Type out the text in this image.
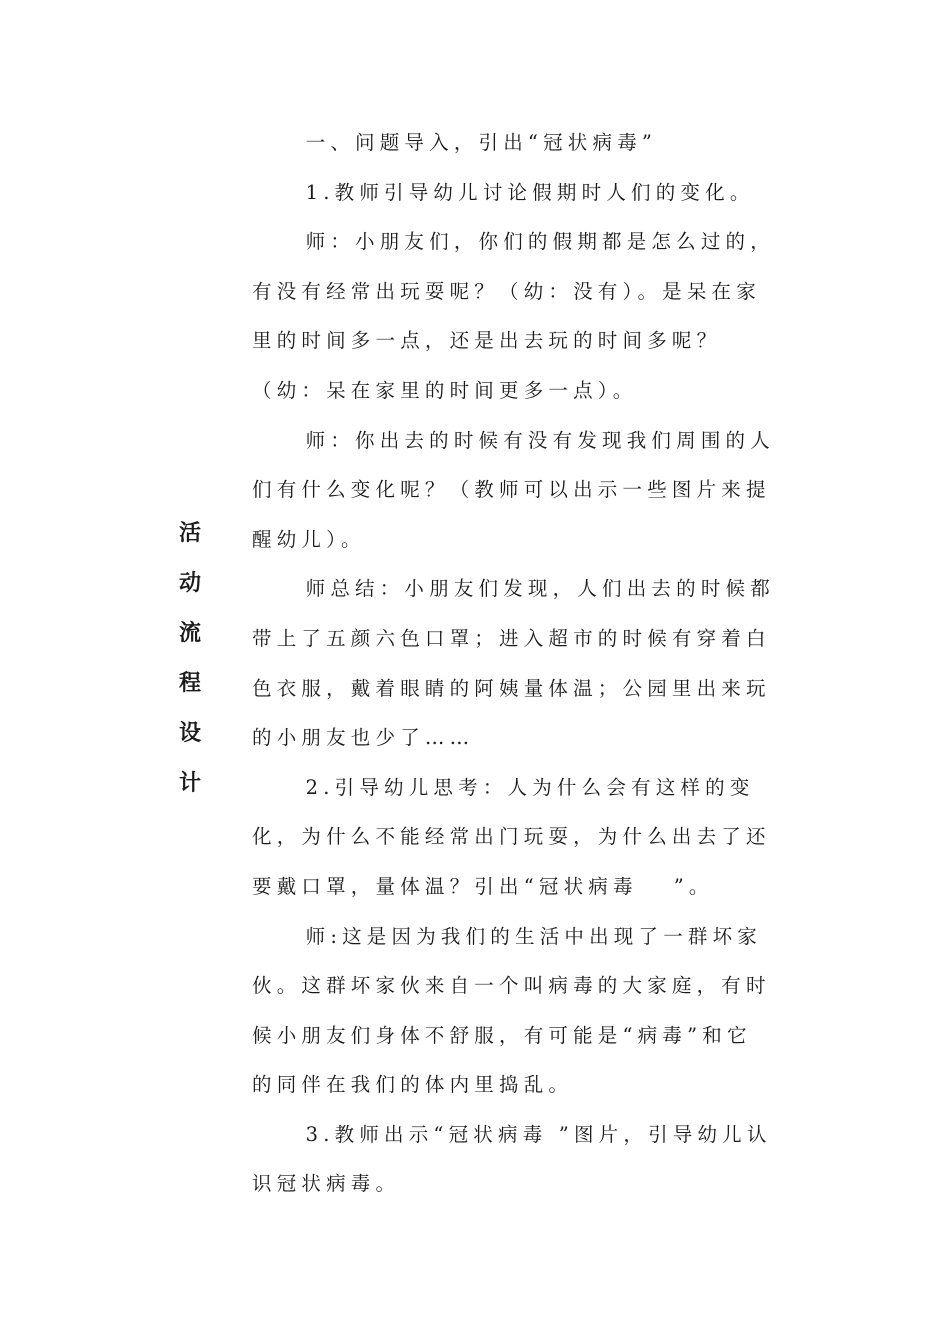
活
动
流
程
设
计

一、问题导入，引出“冠状病毒”

1.教师引导幼儿讨论假期时人们的变化。

师：小朋友们，你们的假期都是怎么过的，有没有经常出玩耍呢？（幼：没有）。是呆在家里的时间多一点，还是出去玩的时间多呢？（幼：呆在家里的时间更多一点）。

师：你出去的时候有没有发现我们周围的人们有什么变化呢？（教师可以出示一些图片来提醒幼儿）。

师总结：小朋友们发现，人们出去的时候都带上了五颜六色口罩；进入超市的时候有穿着白色衣服，戴着眼睛的阿姨量体温；公园里出来玩的小朋友也少了……

2.引导幼儿思考：人为什么会有这样的变化，为什么不能经常出门玩耍，为什么出去了还要戴口罩，量体温？引出“冠状病毒　 ”。

师:这是因为我们的生活中出现了一群坏家伙。这群坏家伙来自一个叫病毒的大家庭，有时候小朋友们身体不舒服，有可能是“病毒”和它的同伴在我们的体内里捣乱。

3.教师出示“冠状病毒 ”图片，引导幼儿认识冠状病毒。
